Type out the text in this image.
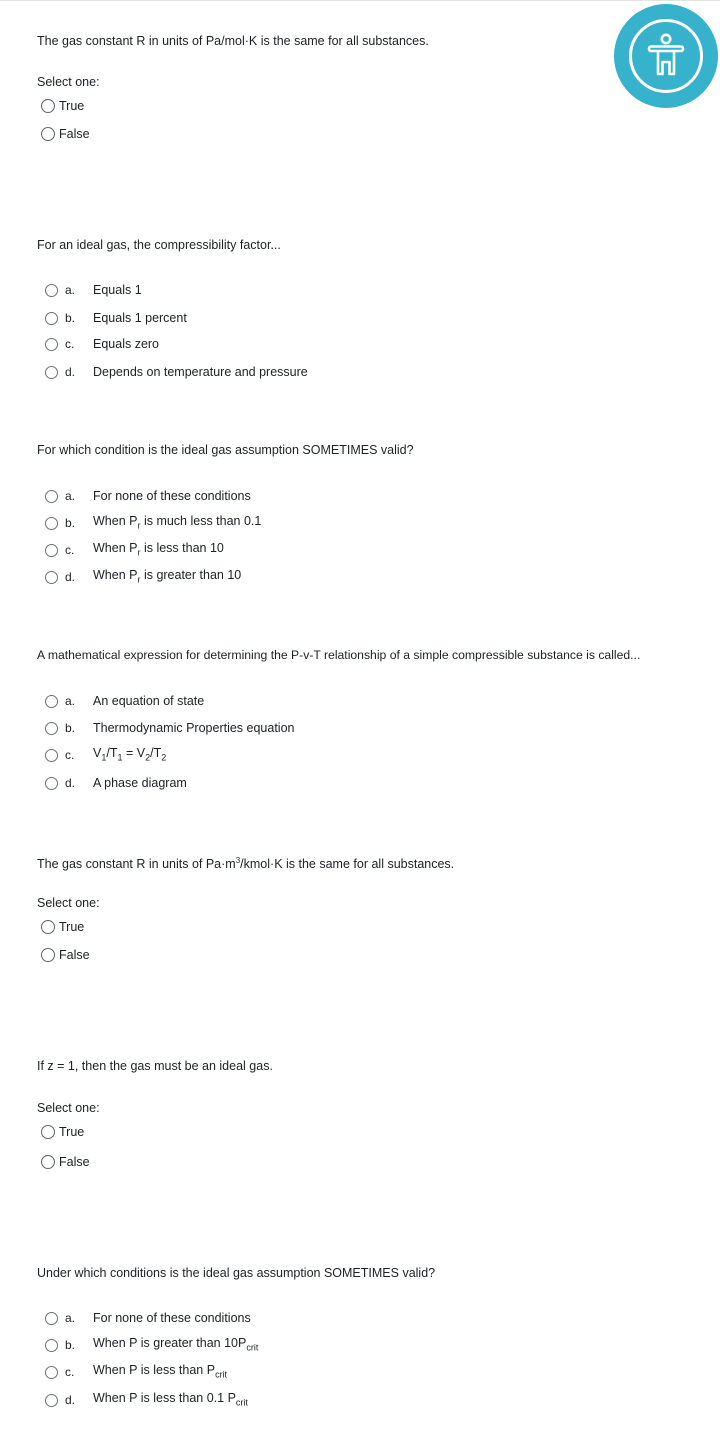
The gas constant R in units of Pa/mol·K is the same for all substances.
Select one:
True
False
For an ideal gas, the compressibility factor...
a.	Equals 1
b.	Equals 1 percent
c.	Equals zero
d.	Depends on temperature and pressure
For which condition is the ideal gas assumption SOMETIMES valid?
a.	For none of these conditions
b.	When $P_r$ is much less than 0.1
c.	When $P_r$ is less than 10
d.	When $P_r$ is greater than 10
A mathematical expression for determining the P-v-T relationship of a simple compressible substance is called...
a.	An equation of state
b.	Thermodynamic Properties equation
c.	$V_1/T_1 = V_2/T_2$
d.	A phase diagram
The gas constant R in units of $Pa\cdot m^3/kmol\cdot K$ is the same for all substances.
Select one:
True
False
If z = 1, then the gas must be an ideal gas.
Select one:
True
False
Under which conditions is the ideal gas assumption SOMETIMES valid?
a.	For none of these conditions
b.	When P is greater than $10P_{crit}$
c.	When P is less than $P_{crit}$
d.	When P is less than 0.1 $P_{crit}$
